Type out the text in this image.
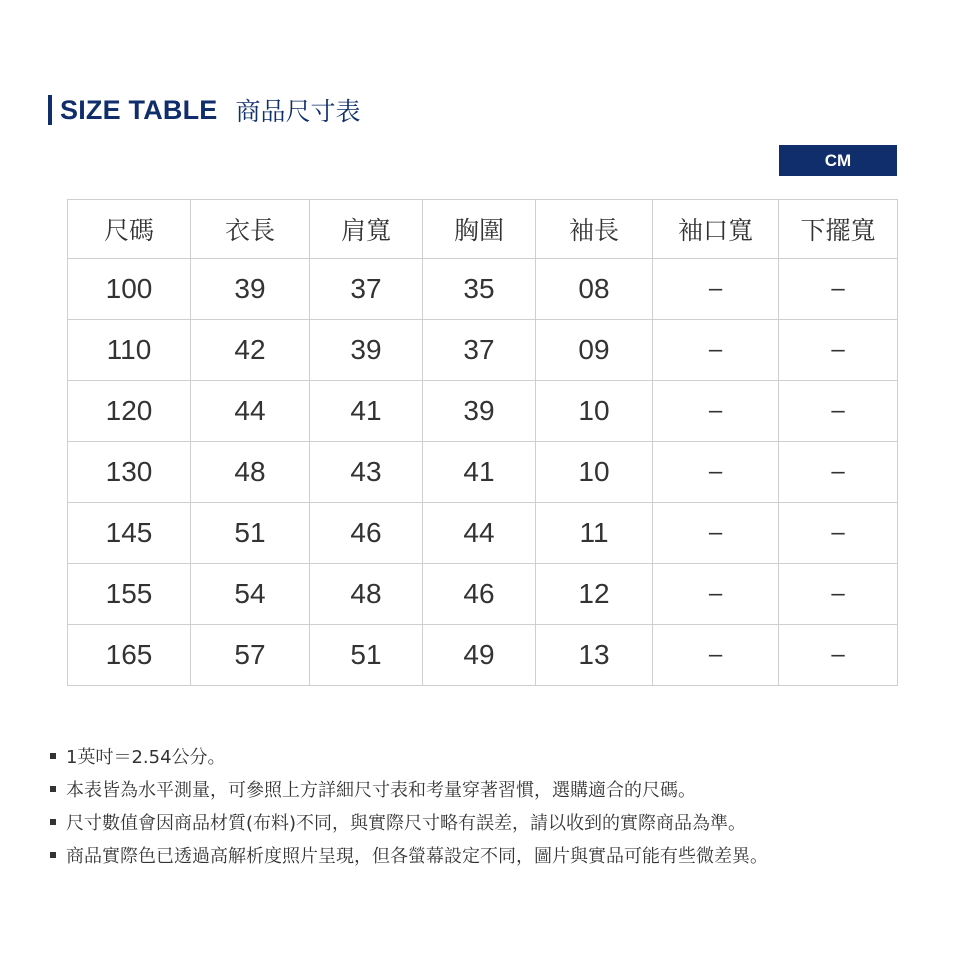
SIZE TABLE 商品尺寸表
CM
尺碼	衣長	肩寬	胸圍	袖長	袖口寬	下擺寬
100	39	37	35	08	–	–
110	42	39	37	09	–	–
120	44	41	39	10	–	–
130	48	43	41	10	–	–
145	51	46	44	11	–	–
155	54	48	46	12	–	–
165	57	51	49	13	–	–
1英吋＝2.54公分。
本表皆為水平測量，可參照上方詳細尺寸表和考量穿著習慣，選購適合的尺碼。
尺寸數值會因商品材質(布料)不同，與實際尺寸略有誤差，請以收到的實際商品為準。
商品實際色已透過高解析度照片呈現，但各螢幕設定不同，圖片與實品可能有些微差異。
